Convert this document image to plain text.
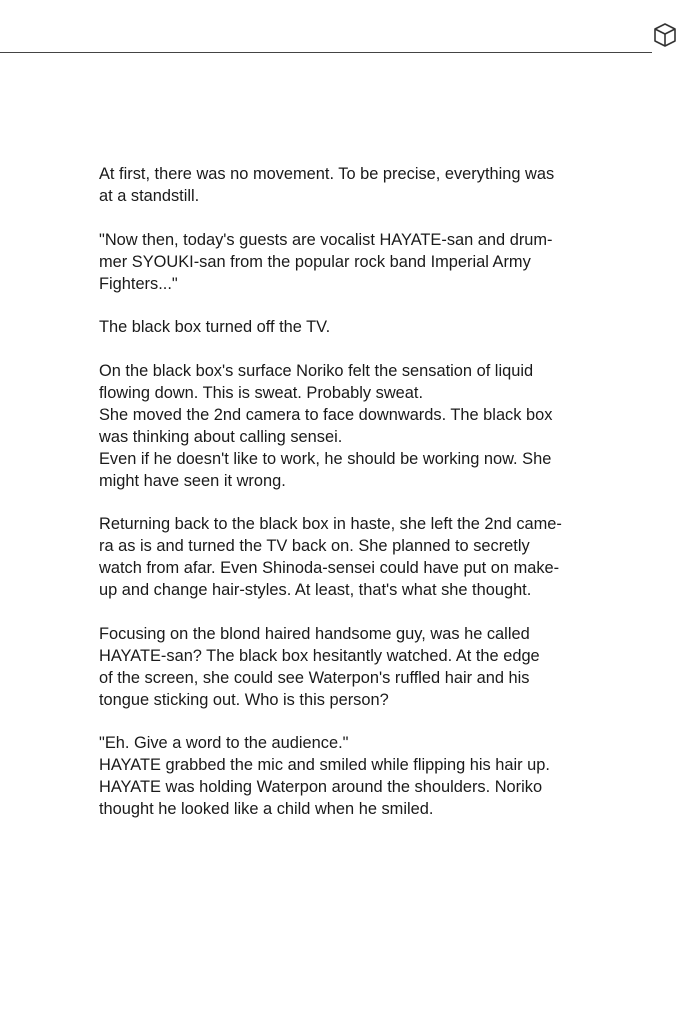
At first, there was no movement. To be precise, everything was
at a standstill.

"Now then, today's guests are vocalist HAYATE-san and drum-
mer SYOUKI-san from the popular rock band Imperial Army
Fighters..."

The black box turned off the TV.

On the black box's surface Noriko felt the sensation of liquid
flowing down. This is sweat. Probably sweat.
She moved the 2nd camera to face downwards. The black box
was thinking about calling sensei.
Even if he doesn't like to work, he should be working now. She
might have seen it wrong.

Returning back to the black box in haste, she left the 2nd came-
ra as is and turned the TV back on. She planned to secretly
watch from afar. Even Shinoda-sensei could have put on make-
up and change hair-styles. At least, that's what she thought.

Focusing on the blond haired handsome guy, was he called
HAYATE-san? The black box hesitantly watched. At the edge
of the screen, she could see Waterpon's ruffled hair and his
tongue sticking out. Who is this person?

"Eh. Give a word to the audience."
HAYATE grabbed the mic and smiled while flipping his hair up.
HAYATE was holding Waterpon around the shoulders. Noriko
thought he looked like a child when he smiled.
